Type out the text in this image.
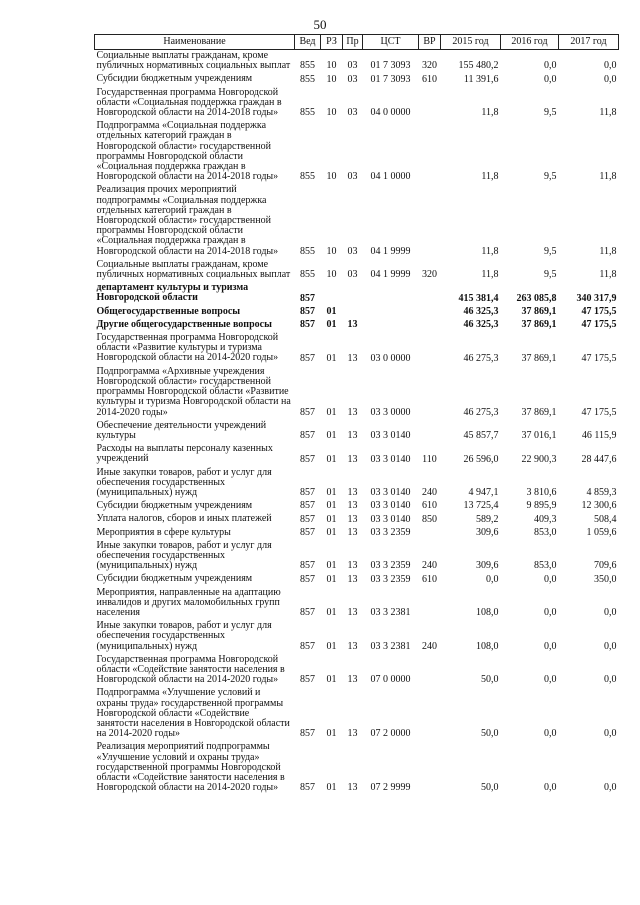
50
Наименование	Вед	РЗ	Пр	ЦСТ	ВР	2015 год	2016 год	2017 год
Социальные выплаты гражданам, кроме публичных нормативных социальных выплат	855	10	03	01 7 3093	320	155 480,2	0,0	0,0
Субсидии бюджетным учреждениям	855	10	03	01 7 3093	610	11 391,6	0,0	0,0
Государственная программа Новгородской области «Социальная поддержка граждан в Новгородской области на 2014-2018 годы»	855	10	03	04 0 0000		11,8	9,5	11,8
Подпрограмма «Социальная поддержка отдельных категорий граждан в Новгородской области» государственной программы Новгородской области «Социальная поддержка граждан в Новгородской области на 2014-2018 годы»	855	10	03	04 1 0000		11,8	9,5	11,8
Реализация прочих мероприятий подпрограммы «Социальная поддержка отдельных категорий граждан в Новгородской области» государственной программы Новгородской области «Социальная поддержка граждан в Новгородской области на 2014-2018 годы»	855	10	03	04 1 9999		11,8	9,5	11,8
Социальные выплаты гражданам, кроме публичных нормативных социальных выплат	855	10	03	04 1 9999	320	11,8	9,5	11,8
департамент культуры и туризма Новгородской области	857					415 381,4	263 085,8	340 317,9
Общегосударственные вопросы	857	01				46 325,3	37 869,1	47 175,5
Другие общегосударственные вопросы	857	01	13			46 325,3	37 869,1	47 175,5
Государственная программа Новгородской области «Развитие культуры и туризма Новгородской области на 2014-2020 годы»	857	01	13	03 0 0000		46 275,3	37 869,1	47 175,5
Подпрограмма «Архивные учреждения Новгородской области» государственной программы Новгородской области «Развитие культуры и туризма Новгородской области на 2014-2020 годы»	857	01	13	03 3 0000		46 275,3	37 869,1	47 175,5
Обеспечение деятельности учреждений культуры	857	01	13	03 3 0140		45 857,7	37 016,1	46 115,9
Расходы на выплаты персоналу казенных учреждений	857	01	13	03 3 0140	110	26 596,0	22 900,3	28 447,6
Иные закупки товаров, работ и услуг для обеспечения государственных (муниципальных) нужд	857	01	13	03 3 0140	240	4 947,1	3 810,6	4 859,3
Субсидии бюджетным учреждениям	857	01	13	03 3 0140	610	13 725,4	9 895,9	12 300,6
Уплата налогов, сборов и иных платежей	857	01	13	03 3 0140	850	589,2	409,3	508,4
Мероприятия в сфере культуры	857	01	13	03 3 2359		309,6	853,0	1 059,6
Иные закупки товаров, работ и услуг для обеспечения государственных (муниципальных) нужд	857	01	13	03 3 2359	240	309,6	853,0	709,6
Субсидии бюджетным учреждениям	857	01	13	03 3 2359	610	0,0	0,0	350,0
Мероприятия, направленные на адаптацию инвалидов и других маломобильных групп населения	857	01	13	03 3 2381		108,0	0,0	0,0
Иные закупки товаров, работ и услуг для обеспечения государственных (муниципальных) нужд	857	01	13	03 3 2381	240	108,0	0,0	0,0
Государственная программа Новгородской области «Содействие занятости населения в Новгородской области на 2014-2020 годы»	857	01	13	07 0 0000		50,0	0,0	0,0
Подпрограмма «Улучшение условий и охраны труда» государственной программы Новгородской области «Содействие занятости населения в Новгородской области на 2014-2020 годы»	857	01	13	07 2 0000		50,0	0,0	0,0
Реализация мероприятий подпрограммы «Улучшение условий и охраны труда» государственной программы Новгородской области «Содействие занятости населения в Новгородской области на 2014-2020 годы»	857	01	13	07 2 9999		50,0	0,0	0,0
